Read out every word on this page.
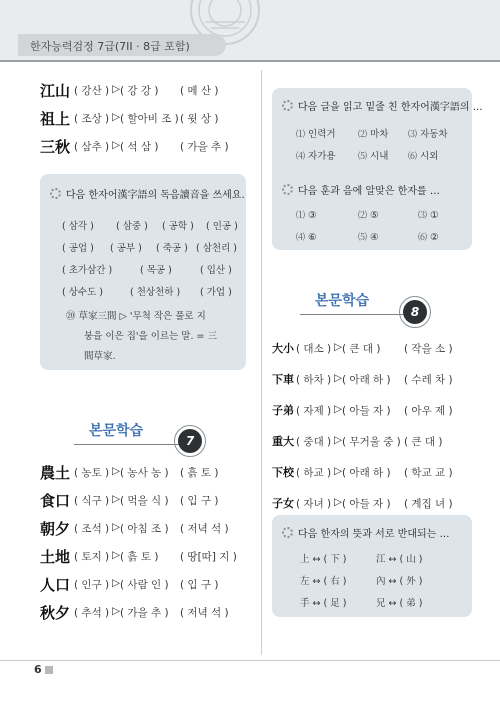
한자능력검정 7급(7II · 8급 포함)
江山 ( 강산 ) ▷ ( 강 강 ) ( 메 산 )
祖上 ( 조상 ) ▷ ( 할아비 조 ) ( 윗 상 )
三秋 ( 삼추 ) ▷ ( 석 삼 ) ( 가을 추 )
다음 한자어漢字語의 독음讀音을 쓰세요.
( 삼각 ) ( 삼중 ) ( 공학 ) ( 인공 )
( 공업 ) ( 공부 ) ( 죽공 ) ( 삼천리 )
( 초가삼간 )	( 목공 )	( 입산 )
( 상수도 )	( 천상천하 ) ( 가업 )
⑳ 草家三間 ▷ '무척 작은 풀로 지
붕을 이은 집'을 이르는 말. = 三
間草家.
본문학습
7
農土 ( 농토 ) ▷ ( 농사 농 ) ( 흙 토 )
食口 ( 식구 ) ▷ ( 먹을 식 ) ( 입 구 )
朝夕 ( 조석 ) ▷ ( 아침 조 ) ( 저녁 석 )
土地 ( 토지 ) ▷ ( 흙 토 ) ( 땅[따] 지 )
人口 ( 인구 ) ▷ ( 사람 인 ) ( 입 구 )
秋夕 ( 추석 ) ▷ ( 가을 추 ) ( 저녁 석 )
다음 글을 읽고 밑줄 친 한자어漢字語의 …
⑴ 인력거 ⑵ 마차 ⑶ 자동차
⑷ 자가용 ⑸ 시내 ⑹ 시외
다음 훈과 음에 알맞은 한자를 …
⑴ ③	⑵ ⑤	⑶ ①
⑷ ⑥	⑸ ④	⑹ ②
본문학습
8
大小 ( 대소 ) ▷ ( 큰 대 ) ( 작을 소 )
下車 ( 하차 ) ▷ ( 아래 하 ) ( 수레 차 )
子弟 ( 자제 ) ▷ ( 아들 자 ) ( 아우 제 )
重大 ( 중대 ) ▷ ( 무거울 중 ) ( 큰 대 )
下校 ( 하교 ) ▷ ( 아래 하 ) ( 학교 교 )
子女 ( 자녀 ) ▷ ( 아들 자 ) ( 계집 녀 )
다음 한자의 뜻과 서로 반대되는 …
上 ↔ ( 下 )	江 ↔ ( 山 )
左 ↔ ( 右 )	內 ↔ ( 外 )
手 ↔ ( 足 )	兄 ↔ ( 弟 )
6
